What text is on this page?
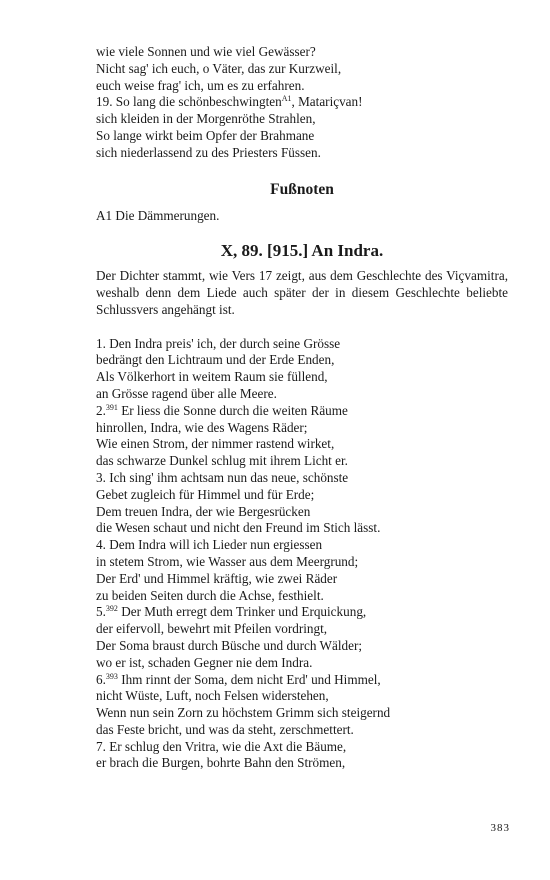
wie viele Sonnen und wie viel Gewässer?
Nicht sag' ich euch, o Väter, das zur Kurzweil,
euch weise frag' ich, um es zu erfahren.
19. So lang die schönbeschwingten$^{A1}$, Matariçvan!
sich kleiden in der Morgenröthe Strahlen,
So lange wirkt beim Opfer der Brahmane
sich niederlassend zu des Priesters Füssen.
Fußnoten
A1 Die Dämmerungen.
X, 89. [915.] An Indra.
Der Dichter stammt, wie Vers 17 zeigt, aus dem Geschlechte des Viçvamitra, weshalb denn dem Liede auch später der in diesem Geschlechte beliebte Schlussvers angehängt ist.
1. Den Indra preis' ich, der durch seine Grösse
bedrängt den Lichtraum und der Erde Enden,
Als Völkerhort in weitem Raum sie füllend,
an Grösse ragend über alle Meere.
2.$^{391}$ Er liess die Sonne durch die weiten Räume
hinrollen, Indra, wie des Wagens Räder;
Wie einen Strom, der nimmer rastend wirket,
das schwarze Dunkel schlug mit ihrem Licht er.
3. Ich sing' ihm achtsam nun das neue, schönste
Gebet zugleich für Himmel und für Erde;
Dem treuen Indra, der wie Bergesrücken
die Wesen schaut und nicht den Freund im Stich lässt.
4. Dem Indra will ich Lieder nun ergiessen
in stetem Strom, wie Wasser aus dem Meergrund;
Der Erd' und Himmel kräftig, wie zwei Räder
zu beiden Seiten durch die Achse, festhielt.
5.$^{392}$ Der Muth erregt dem Trinker und Erquickung,
der eifervoll, bewehrt mit Pfeilen vordringt,
Der Soma braust durch Büsche und durch Wälder;
wo er ist, schaden Gegner nie dem Indra.
6.$^{393}$ Ihm rinnt der Soma, dem nicht Erd' und Himmel,
nicht Wüste, Luft, noch Felsen widerstehen,
Wenn nun sein Zorn zu höchstem Grimm sich steigernd
das Feste bricht, und was da steht, zerschmettert.
7. Er schlug den Vritra, wie die Axt die Bäume,
er brach die Burgen, bohrte Bahn den Strömen,
383
